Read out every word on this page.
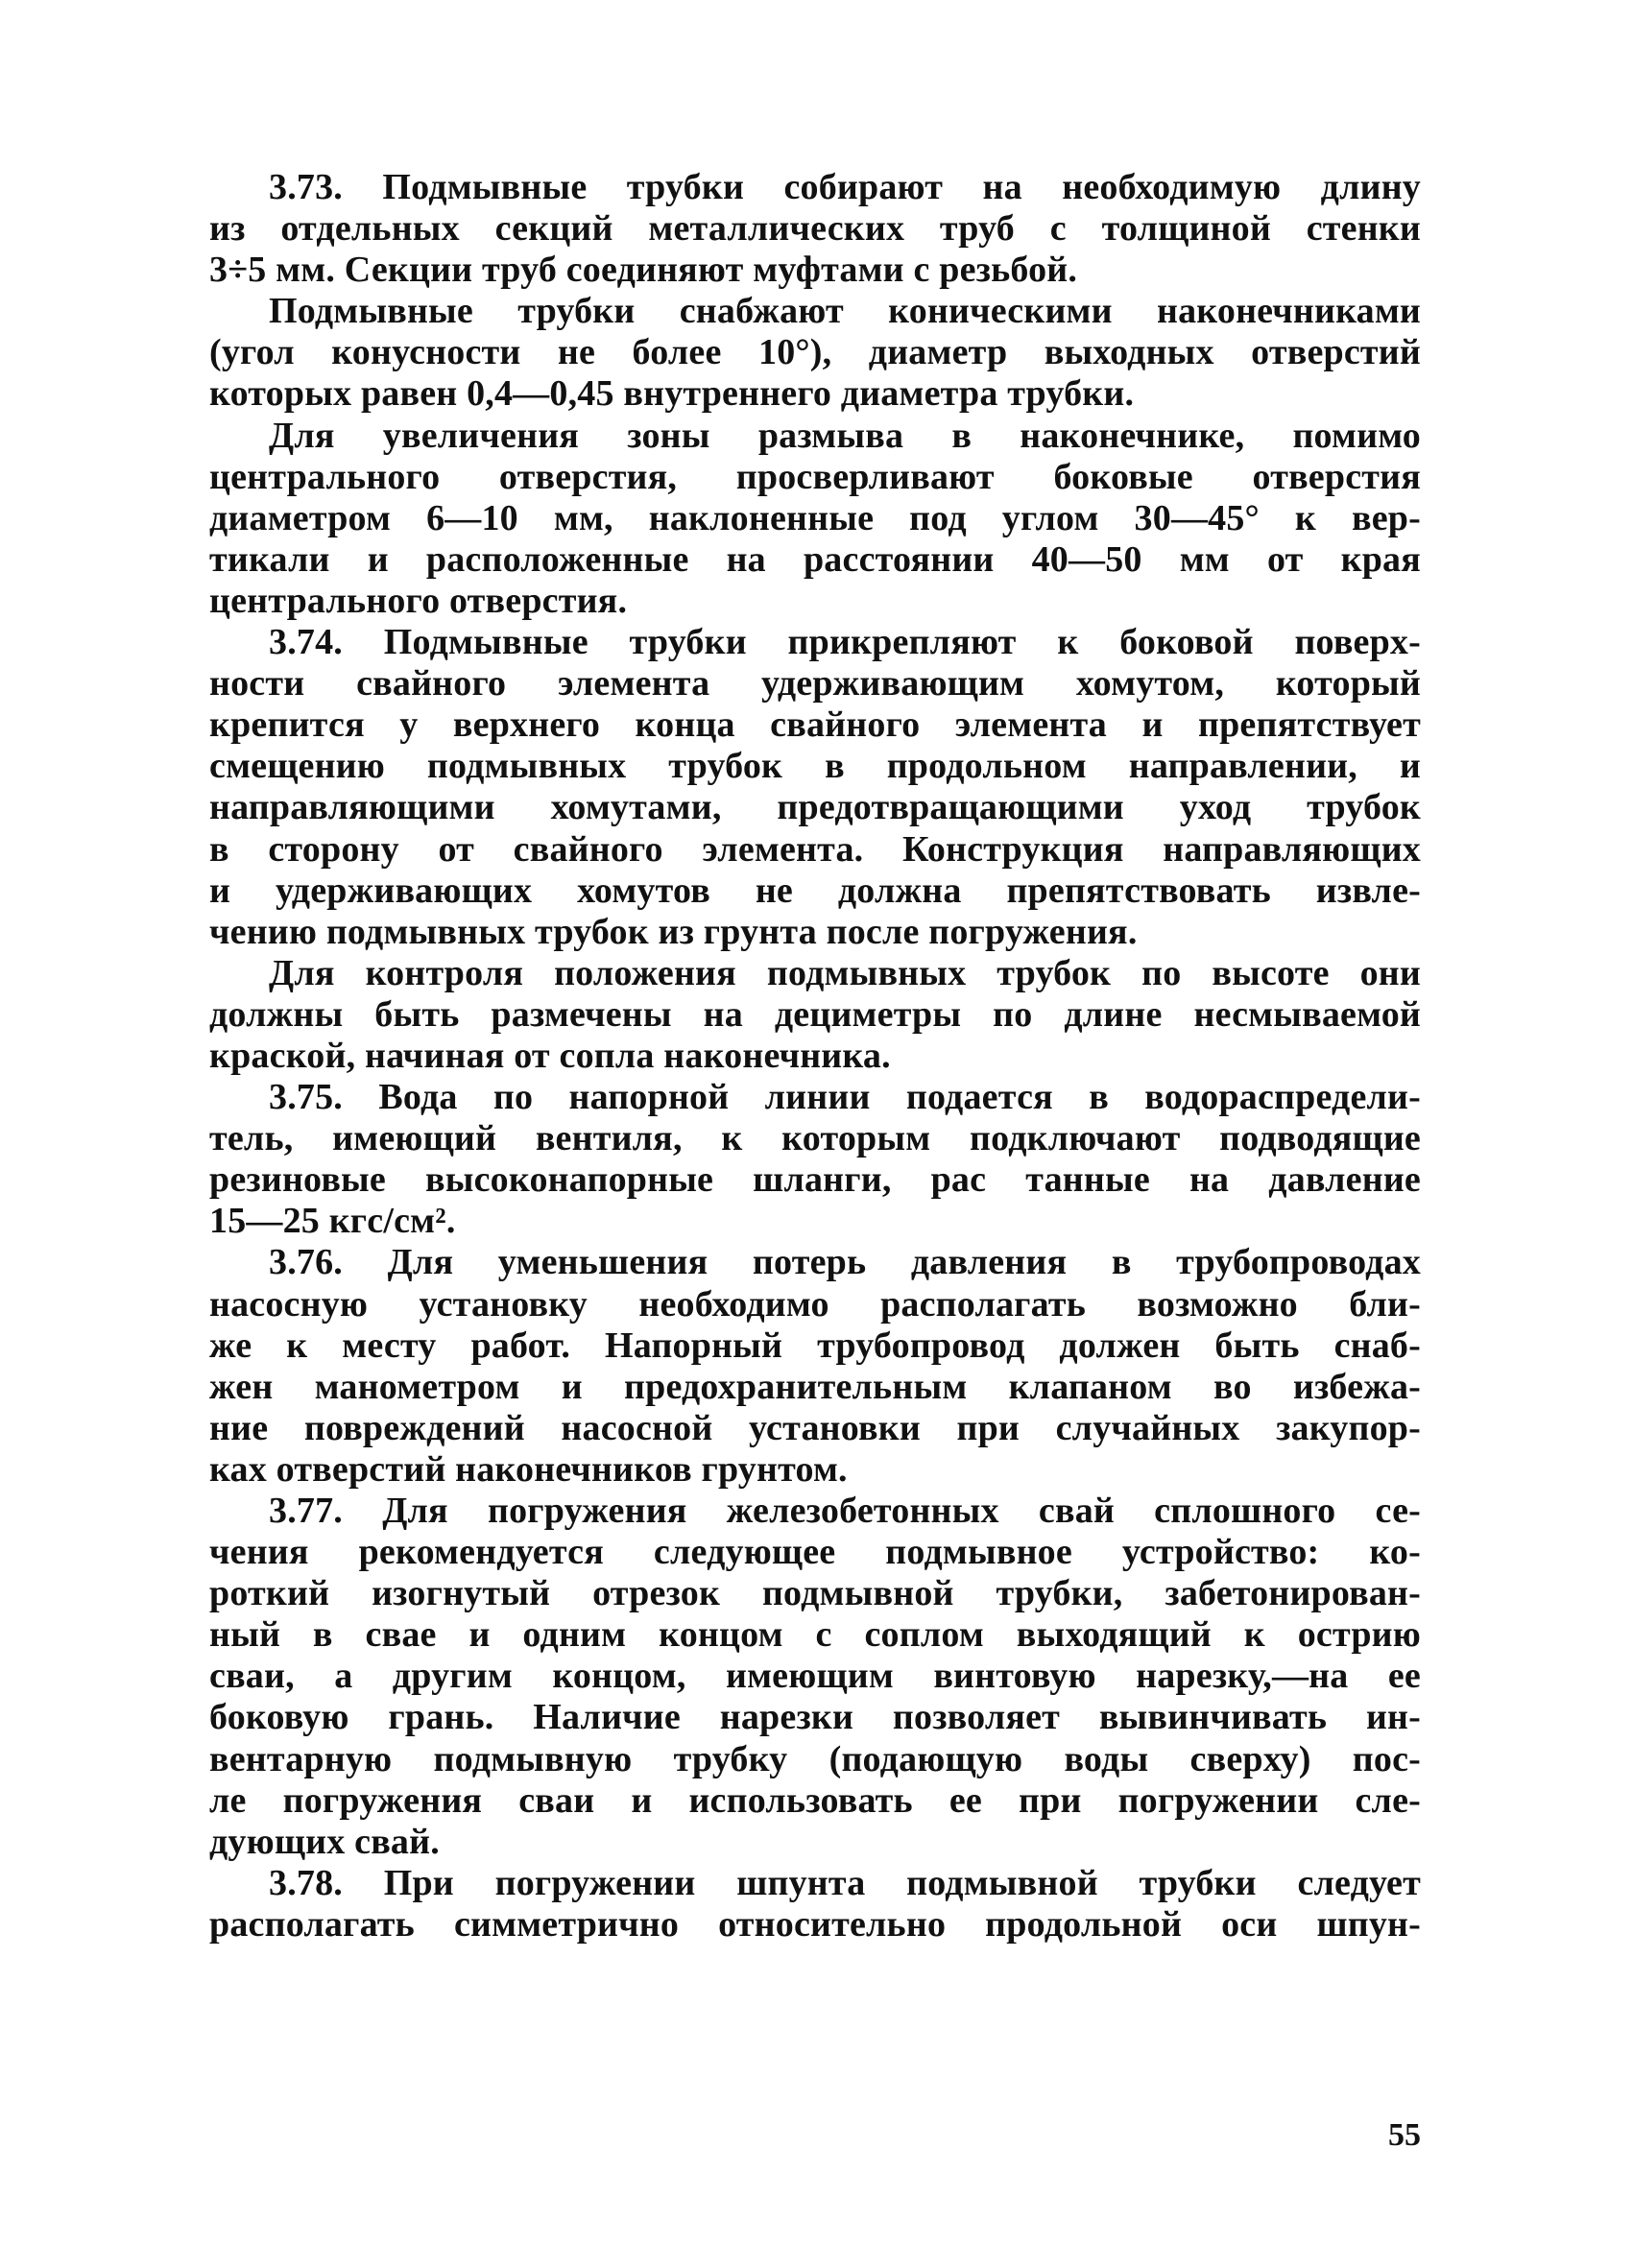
3.73. Подмывные трубки собирают на необходимую длину
из отдельных секций металлических труб с толщиной стенки
3÷5 мм. Секции труб соединяют муфтами с резьбой.
Подмывные трубки снабжают коническими наконечниками
(угол конусности не более 10°), диаметр выходных отверстий
которых равен 0,4—0,45 внутреннего диаметра трубки.
Для увеличения зоны размыва в наконечнике, помимо
центрального отверстия, просверливают боковые отверстия
диаметром 6—10 мм, наклоненные под углом 30—45° к вер-
тикали и расположенные на расстоянии 40—50 мм от края
центрального отверстия.
3.74. Подмывные трубки прикрепляют к боковой поверх-
ности свайного элемента удерживающим хомутом, который
крепится у верхнего конца свайного элемента и препятствует
смещению подмывных трубок в продольном направлении, и
направляющими хомутами, предотвращающими уход трубок
в сторону от свайного элемента. Конструкция направляющих
и удерживающих хомутов не должна препятствовать извле-
чению подмывных трубок из грунта после погружения.
Для контроля положения подмывных трубок по высоте они
должны быть размечены на дециметры по длине несмываемой
краской, начиная от сопла наконечника.
3.75. Вода по напорной линии подается в водораспредели-
тель, имеющий вентиля, к которым подключают подводящие
резиновые высоконапорные шланги, рас танные на давление
15—25 кгс/см².
3.76. Для уменьшения потерь давления в трубопроводах
насосную установку необходимо располагать возможно бли-
же к месту работ. Напорный трубопровод должен быть снаб-
жен манометром и предохранительным клапаном во избежа-
ние повреждений насосной установки при случайных закупор-
ках отверстий наконечников грунтом.
3.77. Для погружения железобетонных свай сплошного се-
чения рекомендуется следующее подмывное устройство: ко-
роткий изогнутый отрезок подмывной трубки, забетонирован-
ный в свае и одним концом с соплом выходящий к острию
сваи, а другим концом, имеющим винтовую нарезку,—на ее
боковую грань. Наличие нарезки позволяет вывинчивать ин-
вентарную подмывную трубку (подающую воды сверху) пос-
ле погружения сваи и использовать ее при погружении сле-
дующих свай.
3.78. При погружении шпунта подмывной трубки следует
располагать симметрично относительно продольной оси шпун-
55
